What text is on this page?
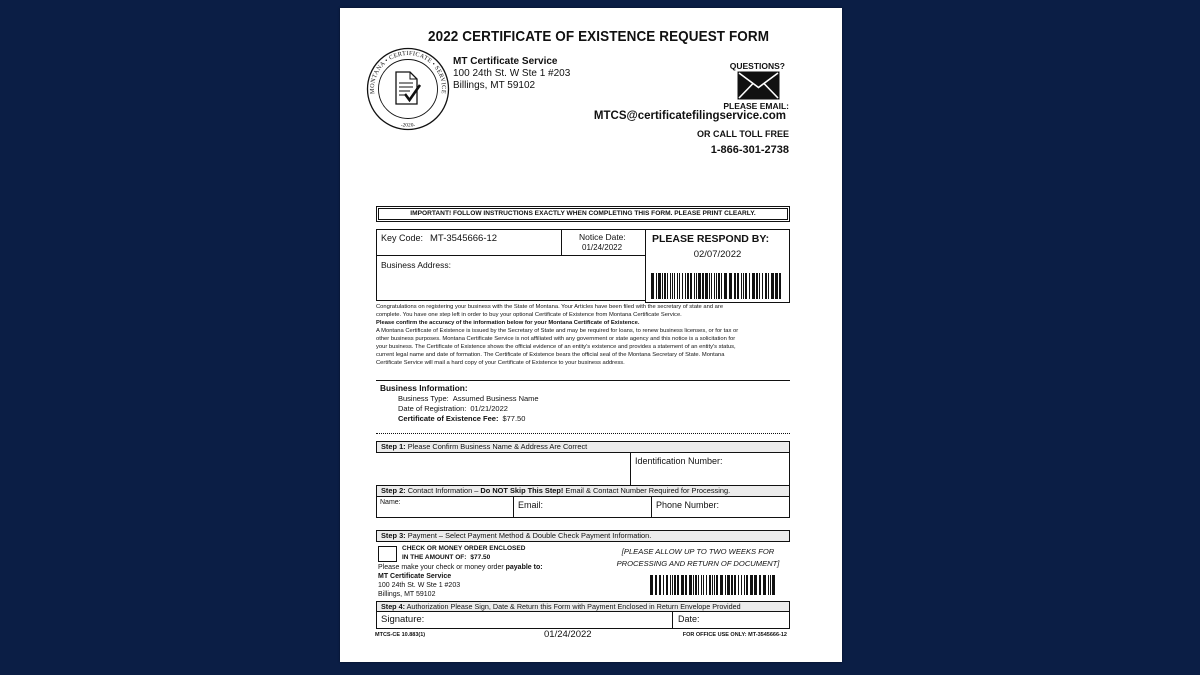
2022 CERTIFICATE OF EXISTENCE REQUEST FORM
MONTANA • CERTIFICATE • SERVICE
-2020-
MT Certificate Service
100 24th St. W Ste 1 #203
Billings, MT 59102
QUESTIONS?
PLEASE EMAIL:
MTCS@certificatefilingservice.com
OR CALL TOLL FREE
1-866-301-2738
IMPORTANT! FOLLOW INSTRUCTIONS EXACTLY WHEN COMPLETING THIS FORM. PLEASE PRINT CLEARLY.
Key Code: MT-3545666-12	Notice Date:
01/24/2022
PLEASE RESPOND BY:
02/07/2022
Business Address:
Congratulations on registering your business with the State of Montana. Your Articles have been filed with the secretary of state and are
complete. You have one step left in order to buy your optional Certificate of Existence from Montana Certificate Service.
Please confirm the accuracy of the information below for your Montana Certificate of Existence.
A Montana Certificate of Existence is issued by the Secretary of State and may be required for loans, to renew business licenses, or for tax or
other business purposes. Montana Certificate Service is not affiliated with any government or state agency and this notice is a solicitation for
your business. The Certificate of Existence shows the official evidence of an entity's existence and provides a statement of an entity's status,
current legal name and date of formation. The Certificate of Existence bears the official seal of the Montana Secretary of State. Montana
Certificate Service will mail a hard copy of your Certificate of Existence to your business address.
Business Information:
Business Type: Assumed Business Name
Date of Registration: 01/21/2022
Certificate of Existence Fee: $77.50
Step 1: Please Confirm Business Name & Address Are Correct
Identification Number:
Step 2: Contact Information – Do NOT Skip This Step! Email & Contact Number Required for Processing.
Name:	Email:	Phone Number:
Step 3: Payment – Select Payment Method & Double Check Payment Information.
CHECK OR MONEY ORDER ENCLOSED
IN THE AMOUNT OF: $77.50
Please make your check or money order payable to:
MT Certificate Service
100 24th St. W Ste 1 #203
Billings, MT 59102
[PLEASE ALLOW UP TO TWO WEEKS FOR
PROCESSING AND RETURN OF DOCUMENT]
Step 4: Authorization Please Sign, Date & Return this Form with Payment Enclosed in Return Envelope Provided
Signature:	Date:
MTCS-CE 10.883(1)	01/24/2022	FOR OFFICE USE ONLY: MT-3545666-12
